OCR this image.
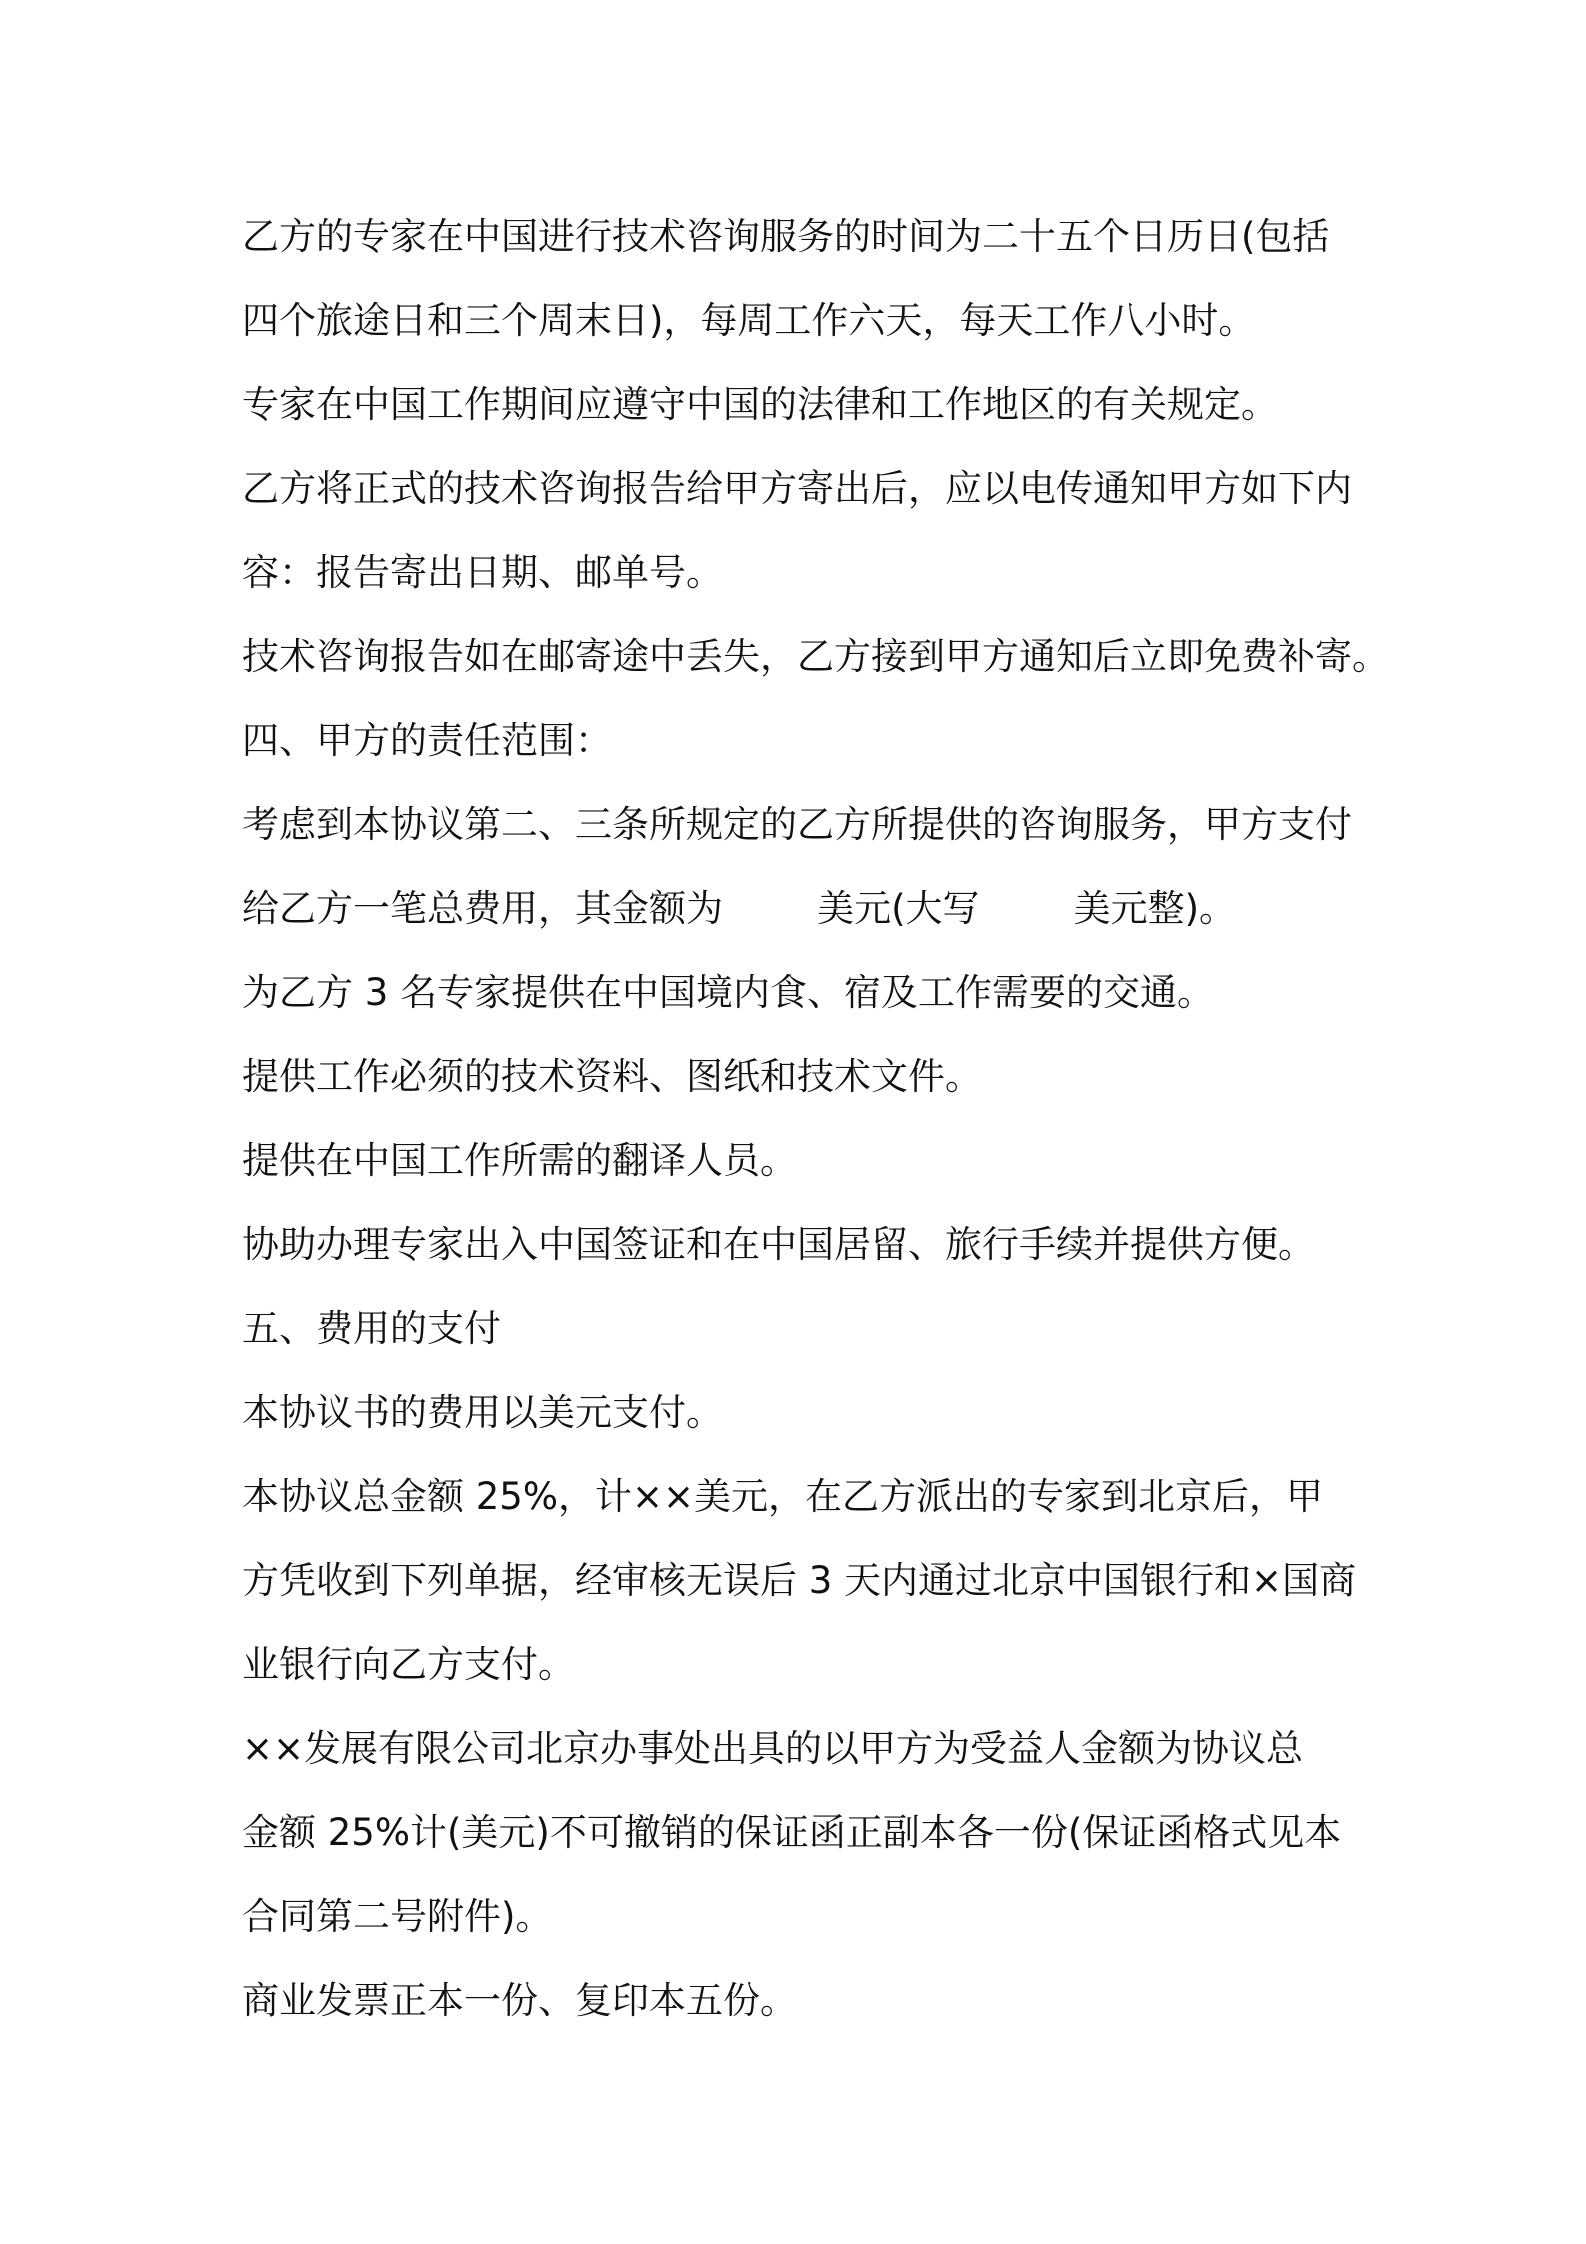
乙方的专家在中国进行技术咨询服务的时间为二十五个日历日(包括
四个旅途日和三个周末日)，每周工作六天，每天工作八小时。
专家在中国工作期间应遵守中国的法律和工作地区的有关规定。
乙方将正式的技术咨询报告给甲方寄出后，应以电传通知甲方如下内
容：报告寄出日期、邮单号。
技术咨询报告如在邮寄途中丢失，乙方接到甲方通知后立即免费补寄。
四、甲方的责任范围：
考虑到本协议第二、三条所规定的乙方所提供的咨询服务，甲方支付
给乙方一笔总费用，其金额为        美元(大写        美元整)。
为乙方 3 名专家提供在中国境内食、宿及工作需要的交通。
提供工作必须的技术资料、图纸和技术文件。
提供在中国工作所需的翻译人员。
协助办理专家出入中国签证和在中国居留、旅行手续并提供方便。
五、费用的支付
本协议书的费用以美元支付。
本协议总金额 25%，计××美元，在乙方派出的专家到北京后，甲
方凭收到下列单据，经审核无误后 3 天内通过北京中国银行和×国商
业银行向乙方支付。
××发展有限公司北京办事处出具的以甲方为受益人金额为协议总
金额 25%计(美元)不可撤销的保证函正副本各一份(保证函格式见本
合同第二号附件)。
商业发票正本一份、复印本五份。
